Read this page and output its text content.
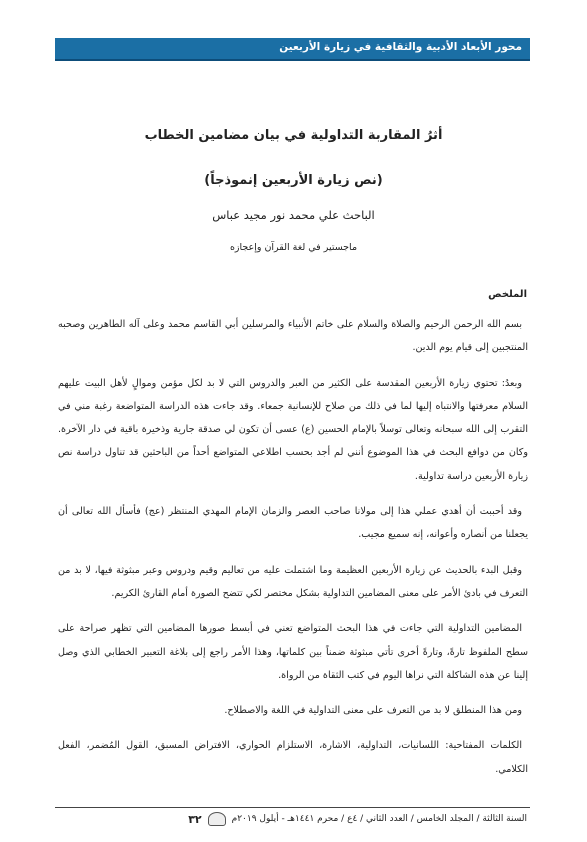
محور الأبعاد الأدبية والثقافية في زيارة الأربعين

أثرُ المقاربة التداولية في بيان مضامين الخطاب

(نص زيارة الأربعين إنموذجاً)

الباحث علي محمد نور مجيد عباس

ماجستير في لغة القرآن وإعجازه

الملخص

بسم الله الرحمن الرحيم والصلاة والسلام على خاتم الأنبياء والمرسلين أبي القاسم محمد وعلى آله الطاهرين وصحبه المنتجبين إلى قيام يوم الدين.

وبعدُ: تحتوي زيارة الأربعين المقدسة على الكثير من العبر والدروس التي لا بد لكل مؤمن وموالٍ لأهل البيت عليهم السلام معرفتها والانتباه إليها لما في ذلك من صلاح للإنسانية جمعاء. وقد جاءت هذه الدراسة المتواضعة رغبة مني في التقرب إلى الله سبحانه وتعالى توسلاً بالإمام الحسين (ع) عسى أن تكون لي صدقة جارية وذخيرة باقية في دار الآخرة. وكان من دوافع البحث في هذا الموضوع أنني لم أجد بحسب اطلاعي المتواضع أحداً من الباحثين قد تناول دراسة نص زيارة الأربعين دراسة تداولية.

وقد أحببت أن أهدي عملي هذا إلى مولانا صاحب العصر والزمان الإمام المهدي المنتظر (عج) فأسأل الله تعالى أن يجعلنا من أنصاره وأعوانه، إنه سميع مجيب.

وقبل البدء بالحديث عن زيارة الأربعين العظيمة وما اشتملت عليه من تعاليم وقيم ودروس وعبر مبثوثة فيها، لا بد من التعرف في بادئ الأمر على معنى المضامين التداولية بشكل مختصر لكي تتضح الصورة أمام القارئ الكريم.

المضامين التداولية التي جاءت في هذا البحث المتواضع تعني في أبسط صورها المضامين التي تظهر صراحة على سطح الملفوظ تارةً، وتارةً أخرى تأتي مبثوثة ضمناً بين كلماتها، وهذا الأمر راجع إلى بلاغة التعبير الخطابي الذي وصل إلينا عن هذه الشاكلة التي نراها اليوم في كتب الثقاة من الرواة.

ومن هذا المنطلق لا بد من التعرف على معنى التداولية في اللغة والاصطلاح.

الكلمات المفتاحية: اللسانيات، التداولية، الاشارة، الاستلزام الحواري، الافتراض المسبق، القول المُضمر، الفعل الكلامي.

السنة الثالثة / المجلد الخامس / العدد الثاني / ٤ع / محرم ١٤٤١هـ - أيلول ٢٠١٩م
٣٢
